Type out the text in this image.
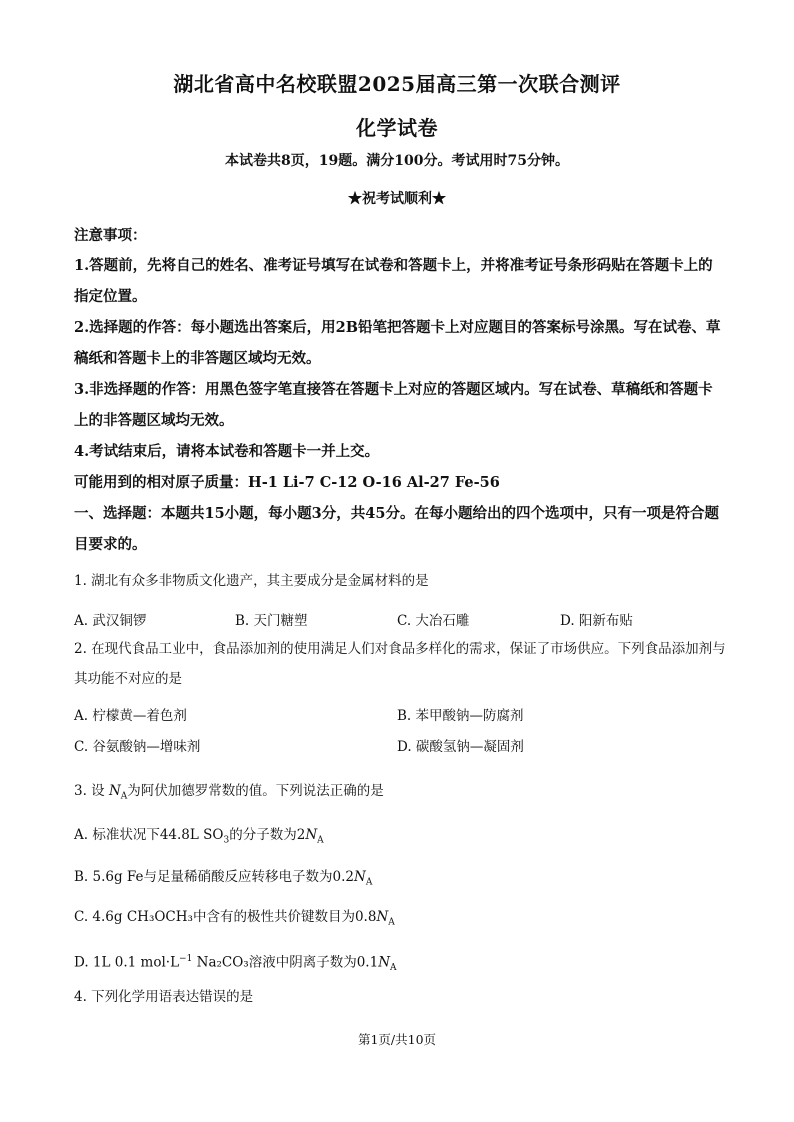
湖北省高中名校联盟2025届高三第一次联合测评
化学试卷
本试卷共8页，19题。满分100分。考试用时75分钟。
★祝考试顺利★
注意事项：
1.答题前，先将自己的姓名、准考证号填写在试卷和答题卡上，并将准考证号条形码贴在答题卡上的指定位置。
2.选择题的作答：每小题选出答案后，用2B铅笔把答题卡上对应题目的答案标号涂黑。写在试卷、草稿纸和答题卡上的非答题区域均无效。
3.非选择题的作答：用黑色签字笔直接答在答题卡上对应的答题区域内。写在试卷、草稿纸和答题卡上的非答题区域均无效。
4.考试结束后，请将本试卷和答题卡一并上交。
可能用到的相对原子质量：H-1 Li-7 C-12 O-16 Al-27 Fe-56
一、选择题：本题共15小题，每小题3分，共45分。在每小题给出的四个选项中，只有一项是符合题目要求的。
1. 湖北有众多非物质文化遗产，其主要成分是金属材料的是
A. 武汉铜锣	B. 天门糖塑	C. 大冶石雕	D. 阳新布贴
2. 在现代食品工业中，食品添加剂的使用满足人们对食品多样化的需求，保证了市场供应。下列食品添加剂与其功能不对应的是
A. 柠檬黄—着色剂	B. 苯甲酸钠—防腐剂
C. 谷氨酸钠—增味剂	D. 碳酸氢钠—凝固剂
3. 设 $N_A$为阿伏加德罗常数的值。下列说法正确的是
A. 标准状况下44.8L $SO_3$的分子数为$2N_A$
B. 5.6g Fe与足量稀硝酸反应转移电子数为$0.2N_A$
C. 4.6g CH₃OCH₃中含有的极性共价键数目为$0.8N_A$
D. 1L 0.1 $mol\cdot L^{-1}$ Na₂CO₃溶液中阴离子数为$0.1N_A$
4. 下列化学用语表达错误的是
第1页/共10页
